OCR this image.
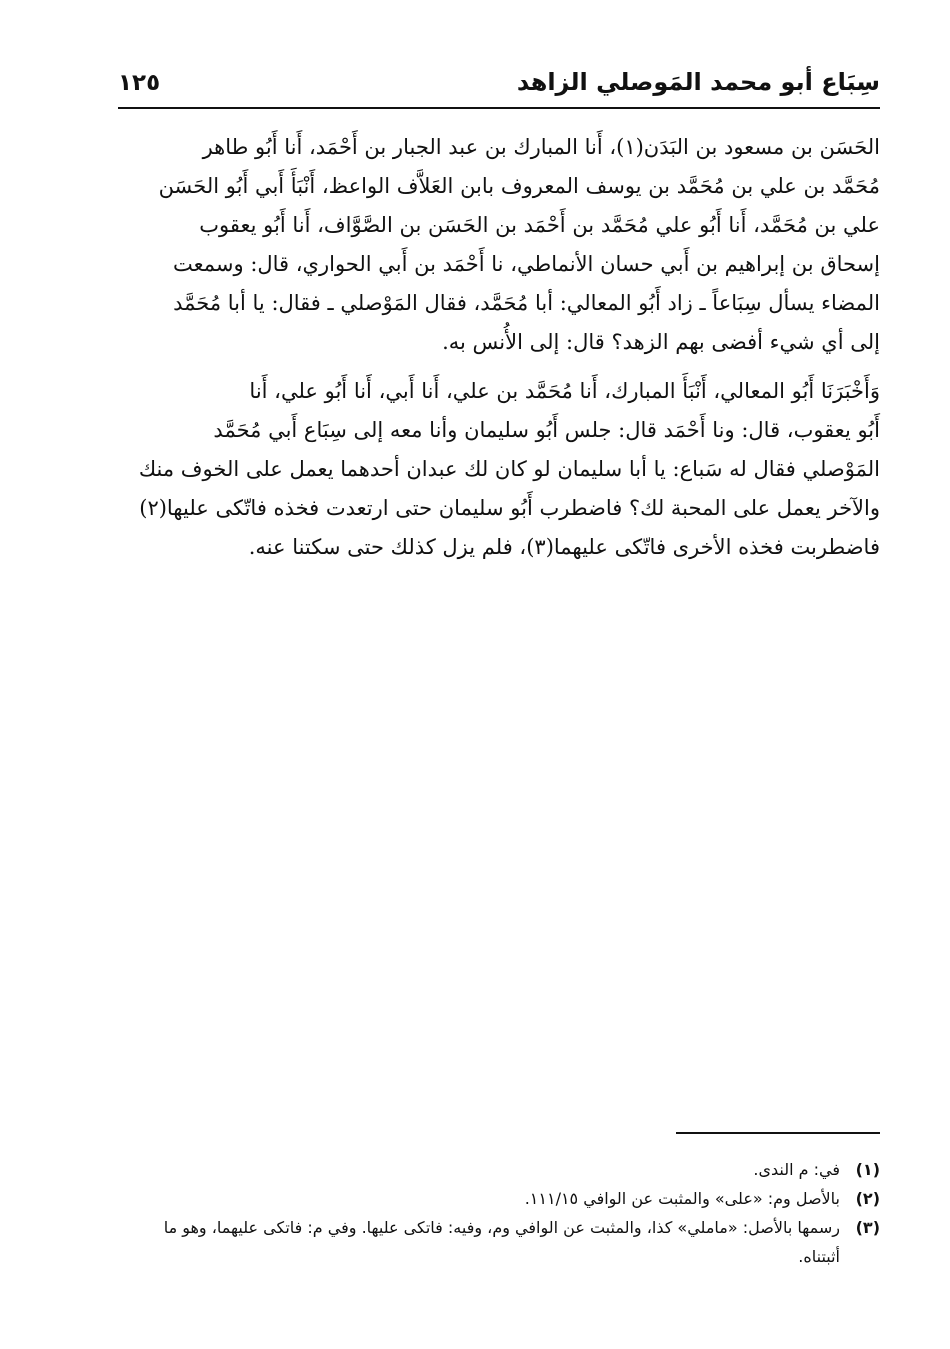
سِبَاع أبو محمد المَوصلي الزاهد
١٢٥

الحَسَن بن مسعود بن البَدَن(١)، أَنا المبارك بن عبد الجبار بن أَحْمَد، أَنا أَبُو طاهر

مُحَمَّد بن علي بن مُحَمَّد بن يوسف المعروف بابن العَلاَّف الواعظ، أَنْبَأَ أَبي أَبُو الحَسَن

علي بن مُحَمَّد، أَنا أَبُو علي مُحَمَّد بن أَحْمَد بن الحَسَن بن الصَّوَّاف، أَنا أَبُو يعقوب

إسحاق بن إبراهيم بن أَبي حسان الأنماطي، نا أَحْمَد بن أَبي الحواري، قال: وسمعت

المضاء يسأل سِبَاعاً ـ زاد أَبُو المعالي: أبا مُحَمَّد، فقال المَوْصلي ـ فقال: يا أبا مُحَمَّد

إلى أي شيء أفضى بهم الزهد؟ قال: إلى الأُنس به.

وَأَخْبَرَنَا أَبُو المعالي، أَنْبَأَ المبارك، أَنا مُحَمَّد بن علي، أَنا أَبي، أَنا أَبُو علي، أَنا

أَبُو يعقوب، قال: ونا أَحْمَد قال: جلس أَبُو سليمان وأنا معه إلى سِبَاع أَبي مُحَمَّد

المَوْصلي فقال له سَباع: يا أبا سليمان لو كان لك عبدان أحدهما يعمل على الخوف منك

والآخر يعمل على المحبة لك؟ فاضطرب أَبُو سليمان حتى ارتعدت فخذه فاتّكى عليها(٢)

فاضطربت فخذه الأخرى فاتّكى عليهما(٣)، فلم يزل كذلك حتى سكتنا عنه.

(١)
في: م الندى.
(٢)
بالأصل وم: «على» والمثبت عن الوافي ١١١/١٥.
(٣)
رسمها بالأصل: «ماملي» كذا، والمثبت عن الوافي وم، وفيه: فاتكى عليها. وفي م: فاتكى عليهما، وهو ما أثبتناه.
